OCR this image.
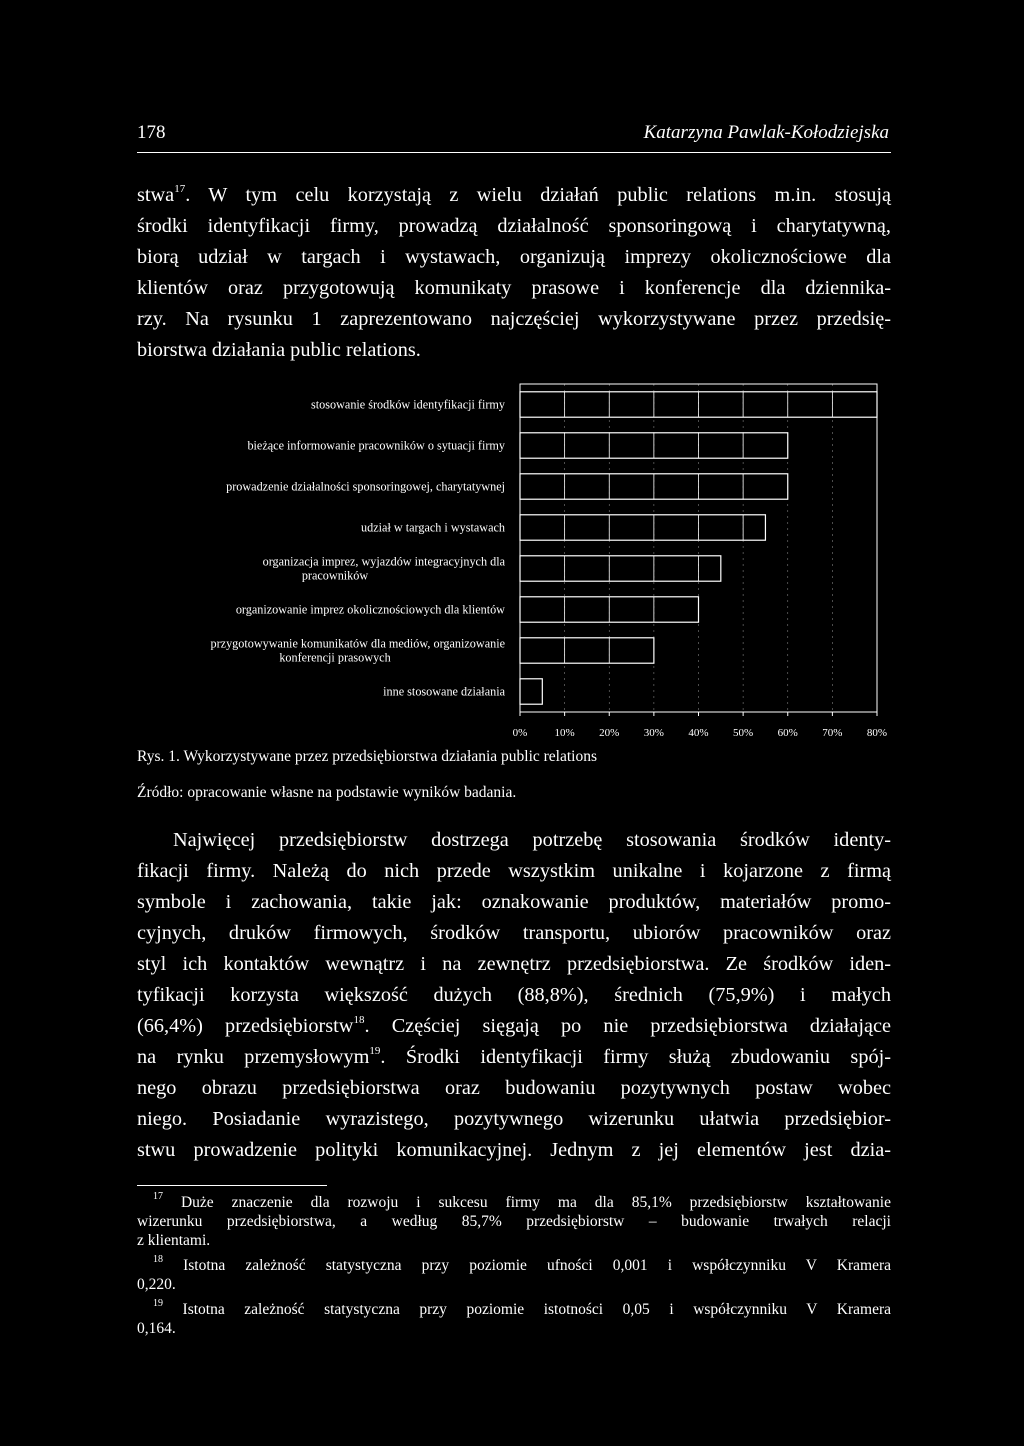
178	Katarzyna Pawlak-Kołodziejska
stwa$^{17}$. W tym celu korzystają z wielu działań public relations m.in. stosują
środki identyfikacji firmy, prowadzą działalność sponsoringową i charytatywną,
biorą udział w targach i wystawach, organizują imprezy okolicznościowe dla
klientów oraz przygotowują komunikaty prasowe i konferencje dla dziennika-
rzy. Na rysunku 1 zaprezentowano najczęściej wykorzystywane przez przedsię-
biorstwa działania public relations.
stosowanie środków identyfikacji firmy
bieżące informowanie pracowników o sytuacji firmy
prowadzenie działalności sponsoringowej, charytatywnej
udział w targach i wystawach
organizacja imprez, wyjazdów integracyjnych dla
pracowników
organizowanie imprez okolicznościowych dla klientów
przygotowywanie komunikatów dla mediów, organizowanie
konferencji prasowych
inne stosowane działania
0% 10% 20% 30% 40% 50% 60% 70% 80%
Rys. 1. Wykorzystywane przez przedsiębiorstwa działania public relations
Źródło: opracowanie własne na podstawie wyników badania.
Najwięcej przedsiębiorstw dostrzega potrzebę stosowania środków identy-
fikacji firmy. Należą do nich przede wszystkim unikalne i kojarzone z firmą
symbole i zachowania, takie jak: oznakowanie produktów, materiałów promo-
cyjnych, druków firmowych, środków transportu, ubiorów pracowników oraz
styl ich kontaktów wewnątrz i na zewnętrz przedsiębiorstwa. Ze środków iden-
tyfikacji korzysta większość dużych (88,8%), średnich (75,9%) i małych
(66,4%) przedsiębiorstw$^{18}$. Częściej sięgają po nie przedsiębiorstwa działające
na rynku przemysłowym$^{19}$. Środki identyfikacji firmy służą zbudowaniu spój-
nego obrazu przedsiębiorstwa oraz budowaniu pozytywnych postaw wobec
niego. Posiadanie wyrazistego, pozytywnego wizerunku ułatwia przedsiębior-
stwu prowadzenie polityki komunikacyjnej. Jednym z jej elementów jest dzia-
$^{17}$ Duże znaczenie dla rozwoju i sukcesu firmy ma dla 85,1% przedsiębiorstw kształtowanie
wizerunku przedsiębiorstwa, a według 85,7% przedsiębiorstw – budowanie trwałych relacji
z klientami.
$^{18}$ Istotna zależność statystyczna przy poziomie ufności 0,001 i współczynniku V Kramera
0,220.
$^{19}$ Istotna zależność statystyczna przy poziomie istotności 0,05 i współczynniku V Kramera
0,164.
